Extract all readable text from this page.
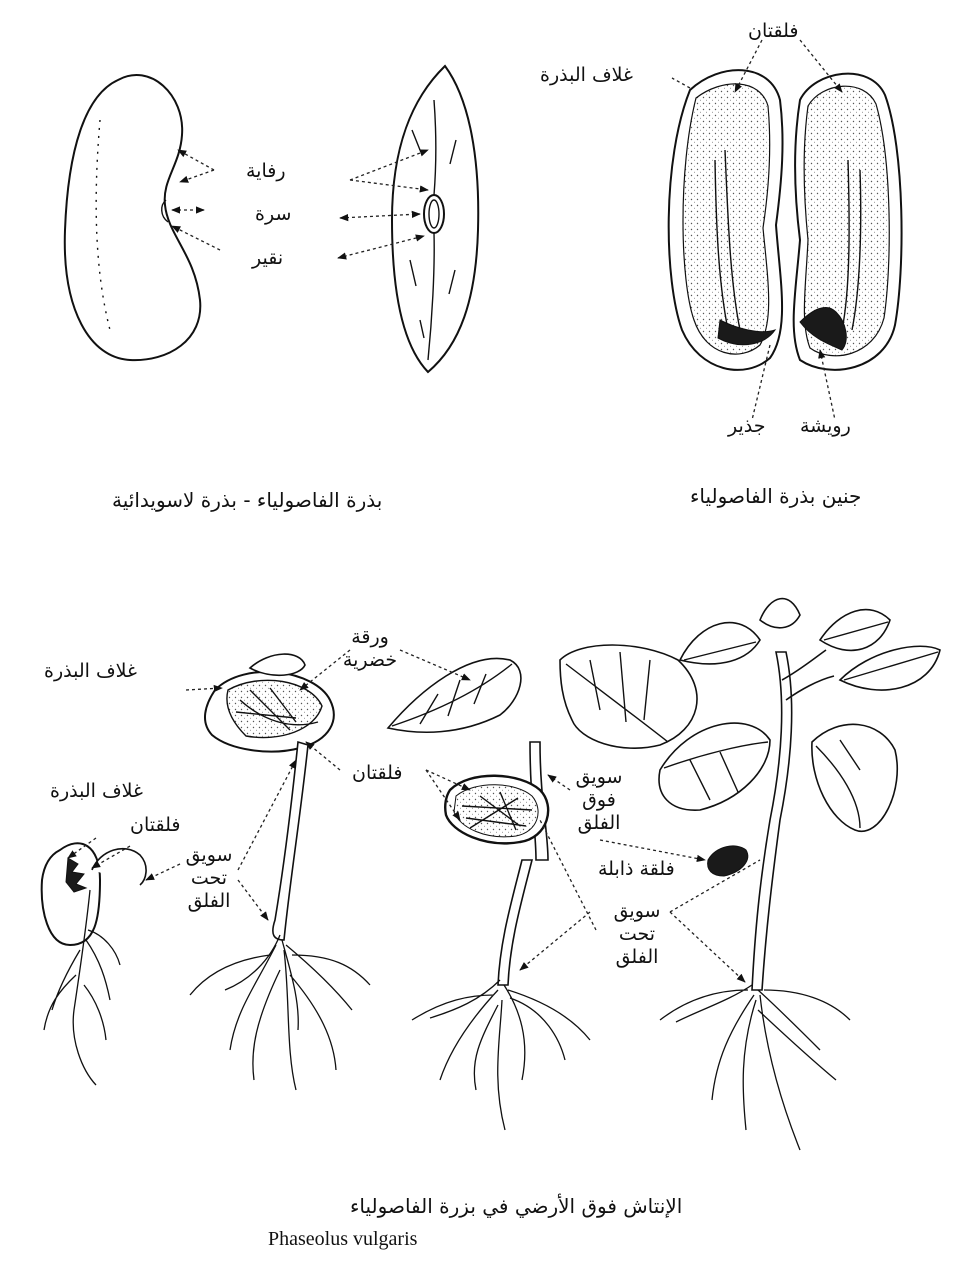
رفاية
سرة
نقير
بذرة الفاصولياء - بذرة لاسويدائية
فلقتان
غلاف البذرة
جذير رويشة
جنين بذرة الفاصولياء
غلاف البذرة
فلقتان
غلاف البذرة
ورقة خضرية
فلقتان
سويق تحت الفلق
سويق فوق الفلق
فلقة ذابلة
سويق تحت الفلق
الإنتاش فوق الأرضي في بزرة الفاصولياء
Phaseolus vulgaris
